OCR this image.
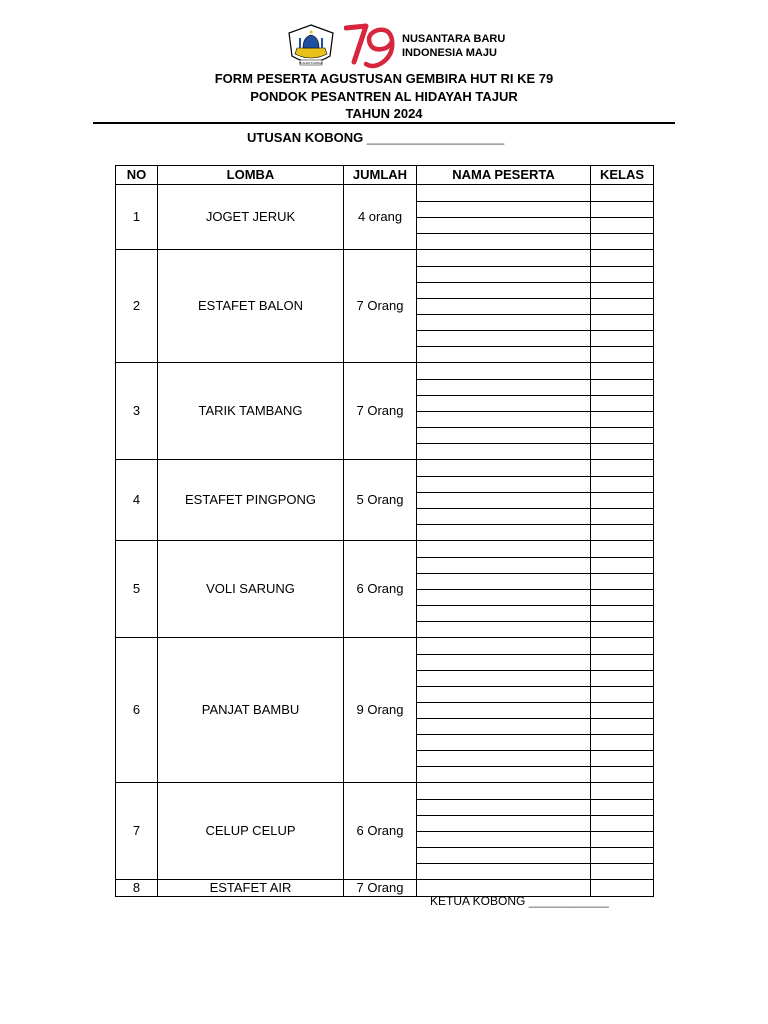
BULAN SYAWAL
NUSANTARA BARU
INDONESIA MAJU
FORM PESERTA AGUSTUSAN GEMBIRA HUT RI KE 79
PONDOK PESANTREN AL HIDAYAH TAJUR
TAHUN 2024
UTUSAN KOBONG ___________________
NO	LOMBA	JUMLAH	NAMA PESERTA	KELAS
1	JOGET JERUK	4 orang	

2	ESTAFET BALON	7 Orang	

3	TARIK TAMBANG	7 Orang	

4	ESTAFET PINGPONG	5 Orang	

5	VOLI SARUNG	6 Orang	

6	PANJAT BAMBU	9 Orang	

7	CELUP CELUP	6 Orang	

8	ESTAFET AIR	7 Orang	

KETUA KOBONG ____________
